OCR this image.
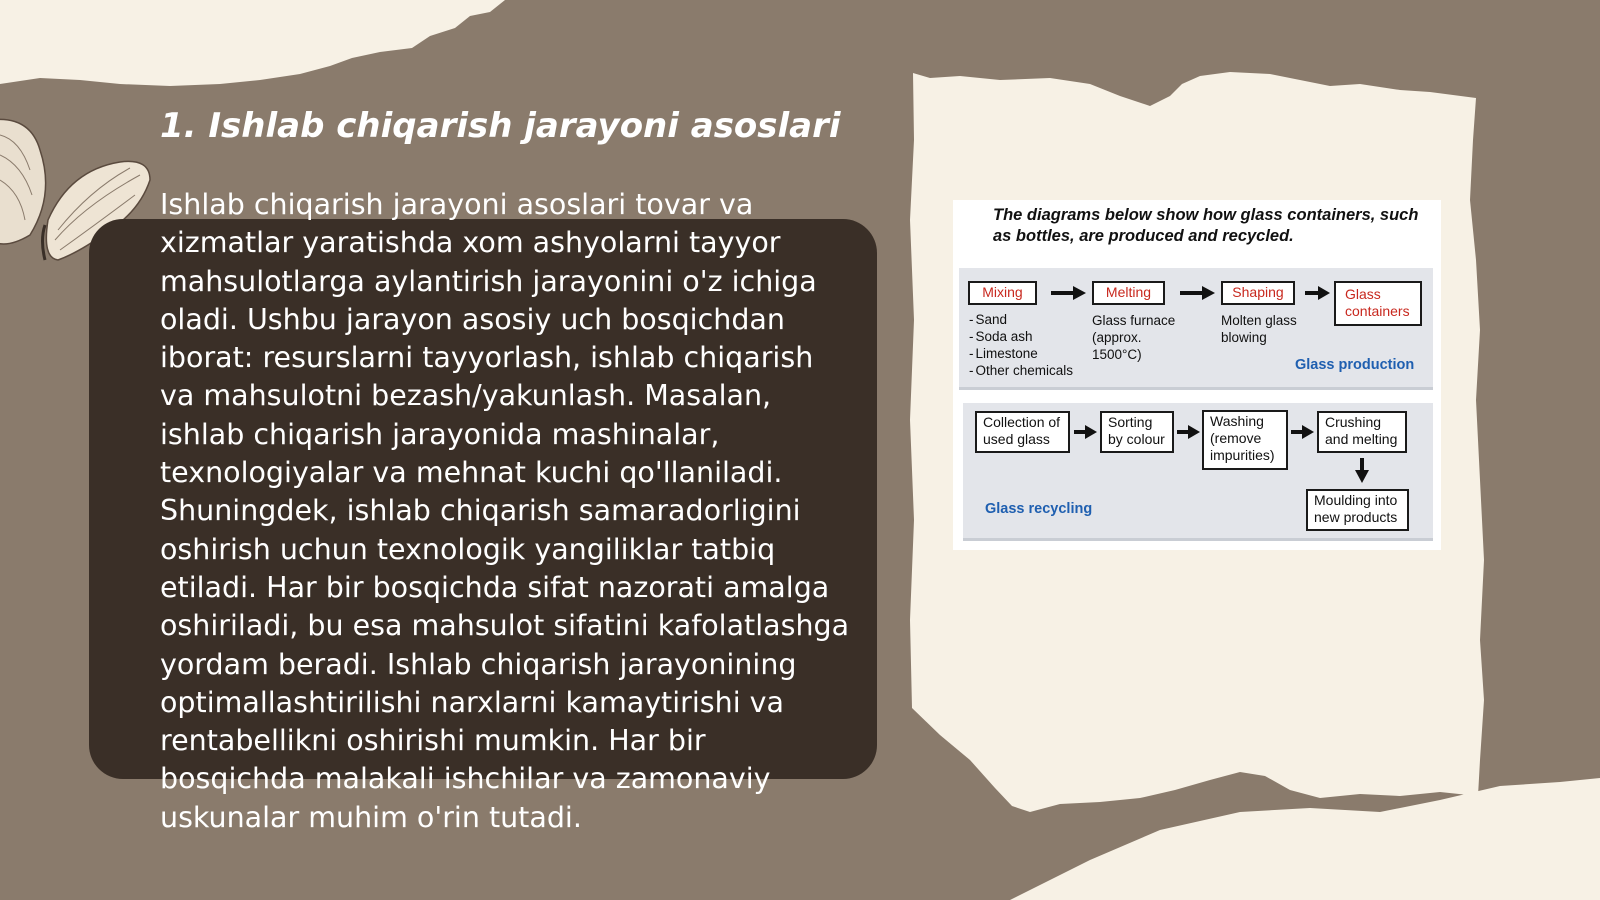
1. Ishlab chiqarish jarayoni asoslari

Ishlab chiqarish jarayoni asoslari tovar va xizmatlar yaratishda xom ashyolarni tayyor mahsulotlarga aylantirish jarayonini o'z ichiga oladi. Ushbu jarayon asosiy uch bosqichdan iborat: resurslarni tayyorlash, ishlab chiqarish va mahsulotni bezash/yakunlash. Masalan, ishlab chiqarish jarayonida mashinalar, texnologiyalar va mehnat kuchi qo'llaniladi. Shuningdek, ishlab chiqarish samaradorligini oshirish uchun texnologik yangiliklar tatbiq etiladi. Har bir bosqichda sifat nazorati amalga oshiriladi, bu esa mahsulot sifatini kafolatlashga yordam beradi. Ishlab chiqarish jarayonining optimallashtirilishi narxlarni kamaytirishi va rentabellikni oshirishi mumkin. Har bir bosqichda malakali ishchilar va zamonaviy uskunalar muhim o'rin tutadi.

The diagrams below show how glass containers, such as bottles, are produced and recycled.

Mixing	Melting	Shaping	Glass containers
- Sand
- Soda ash
- Limestone
- Other chemicals
Glass furnace (approx. 1500°C)
Molten glass blowing
Glass production
Collection of used glass
Sorting by colour
Washing (remove impurities)
Crushing and melting
Moulding into new products
Glass recycling
